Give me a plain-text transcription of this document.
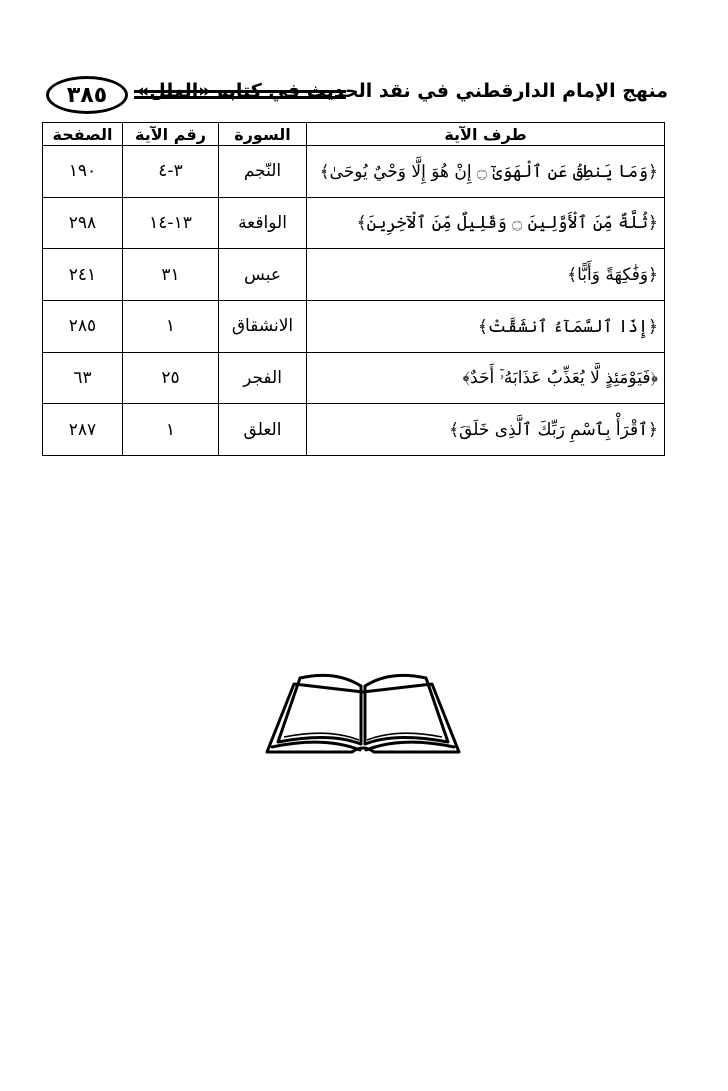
٣٨٥	منهج الإمام الدارقطني في نقد الحديث في كتابه «العلل»
طرف الآية	السورة	رقم الآية	الصفحة
﴿وَمَا يَنطِقُ عَنِ ٱلْهَوَىٰٓ ۝ إِنْ هُوَ إِلَّا وَحْيٌ يُوحَىٰ﴾	النّجم	٣-٤	١٩٠
﴿ثُلَّةٌ مِّنَ ٱلْأَوَّلِينَ ۝ وَقَلِيلٌ مِّنَ ٱلْآخِرِينَ﴾	الواقعة	١٣-١٤	٢٩٨
﴿وَفَٰكِهَةً وَأَبًّا﴾	عبس	٣١	٢٤١
﴿إِذَا ٱلسَّمَآءُ ٱنشَقَّتْ﴾	الانشقاق	١	٢٨٥
﴿فَيَوْمَئِذٍ لَّا يُعَذِّبُ عَذَابَهُۥٓ أَحَدٌ﴾	الفجر	٢٥	٦٣
﴿ٱقْرَأْ بِٱسْمِ رَبِّكَ ٱلَّذِى خَلَقَ﴾	العلق	١	٢٨٧
